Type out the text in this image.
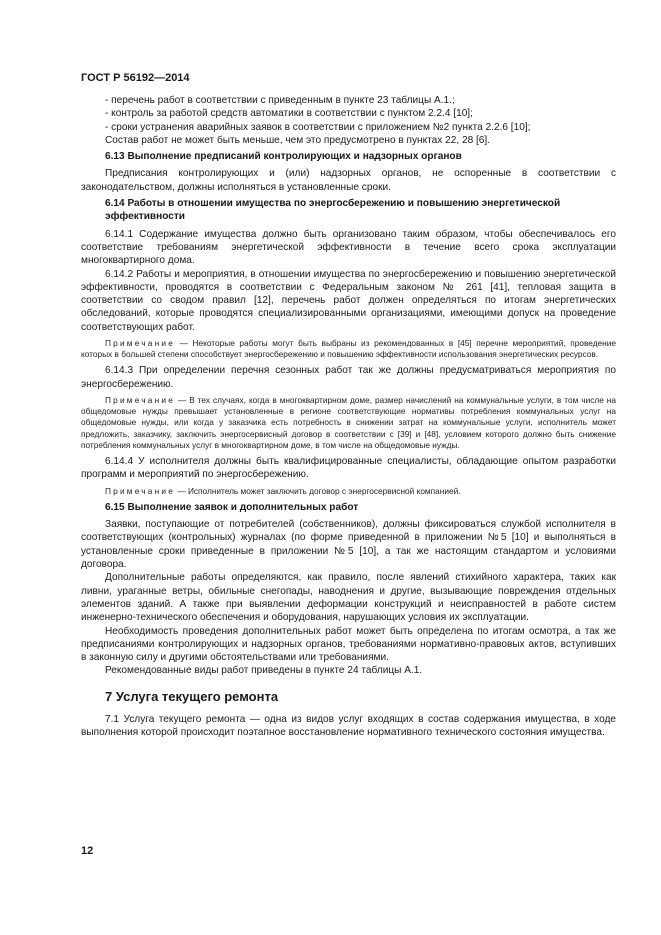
ГОСТ Р 56192—2014

- перечень работ в соответствии с приведенным в пункте 23 таблицы А.1.;

- контроль за работой средств автоматики в соответствии с пунктом 2.2.4 [10];

- сроки устранения аварийных заявок в соответствии с приложением №2 пункта 2.2.6 [10];

Состав работ не может быть меньше, чем это предусмотрено в пунктах 22, 28 [6].

6.13 Выполнение предписаний контролирующих и надзорных органов

Предписания контролирующих и (или) надзорных органов, не оспоренные в соответствии с законодательством, должны исполняться в установленные сроки.

6.14 Работы в отношении имущества по энергосбережению и повышению энергетической эффективности

6.14.1 Содержание имущества должно быть организовано таким образом, чтобы обеспечивалось его соответствие требованиям энергетической эффективности в течение всего срока эксплуатации многоквартирного дома.

6.14.2 Работы и мероприятия, в отношении имущества по энергосбережению и повышению энергетической эффективности, проводятся в соответствии с Федеральным законом № 261 [41], тепловая защита в соответствии со сводом правил [12], перечень работ должен определяться по итогам энергетических обследований, которые проводятся специализированными организациями, имеющими допуск на проведение соответствующих работ.

Примечание — Некоторые работы могут быть выбраны из рекомендованных в [45] перечне мероприятий, проведение которых в большей степени способствует энергосбережению и повышению эффективности использования энергетических ресурсов.

6.14.3 При определении перечня сезонных работ так же должны предусматриваться мероприятия по энергосбережению.

Примечание — В тех случаях, когда в многоквартирном доме, размер начислений на коммунальные услуги, в том числе на общедомовые нужды превышает установленные в регионе соответствующие нормативы потребления коммунальных услуг на общедомовые нужды, или когда у заказчика есть потребность в снижении затрат на коммунальные услуги, исполнитель может предложить, заказчику, заключить энергосервисный договор в соответствии с [39] и [48], условием которого должно быть снижение потребления коммунальных услуг в многоквартирном доме, в том числе на общедомовые нужды.

6.14.4 У исполнителя должны быть квалифицированные специалисты, обладающие опытом разработки программ и мероприятий по энергосбережению.

Примечание — Исполнитель может заключить договор с энергосервисной компанией.

6.15 Выполнение заявок и дополнительных работ

Заявки, поступающие от потребителей (собственников), должны фиксироваться службой исполнителя в соответствующих (контрольных) журналах (по форме приведенной в приложении №5 [10] и выполняться в установленные сроки приведенные в приложении №5 [10], а так же настоящим стандартом и условиями договора.

Дополнительные работы определяются, как правило, после явлений стихийного характера, таких как ливни, ураганные ветры, обильные снегопады, наводнения и другие, вызывающие повреждения отдельных элементов зданий. А также при выявлении деформации конструкций и неисправностей в работе систем инженерно-технического обеспечения и оборудования, нарушающих условия их эксплуатации.

Необходимость проведения дополнительных работ может быть определена по итогам осмотра, а так же предписаниями контролирующих и надзорных органов, требованиями нормативно-правовых актов, вступивших в законную силу и другими обстоятельствами или требованиями.

Рекомендованные виды работ приведены в пункте 24 таблицы А.1.

7 Услуга текущего ремонта

7.1 Услуга текущего ремонта — одна из видов услуг входящих в состав содержания имущества, в ходе выполнения которой происходит поэтапное восстановление нормативного технического состояния имущества.

12
